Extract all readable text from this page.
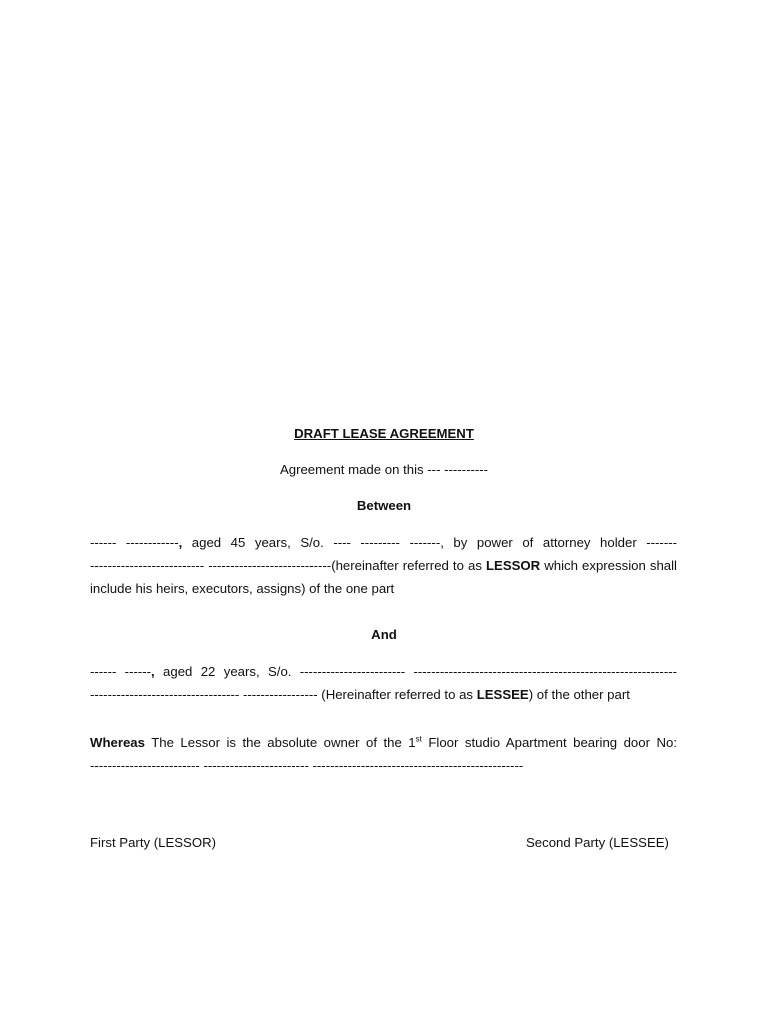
DRAFT LEASE AGREEMENT
Agreement made on this --- ----------
Between
------ ------------, aged 45 years, S/o. ---- --------- -------, by power of attorney holder -------
-------------------------- ----------------------------(hereinafter referred to as LESSOR which expression shall
include his heirs, executors, assigns) of the one part
And
------ ------, aged 22 years, S/o. ------------------------ ------------------------------------------------------------
---------------------------------- ----------------- (Hereinafter referred to as LESSEE) of the other part
Whereas The Lessor is the absolute owner of the 1st Floor studio Apartment bearing door No:
------------------------- ------------------------ ------------------------------------------------
First Party (LESSOR)	Second Party (LESSEE)
